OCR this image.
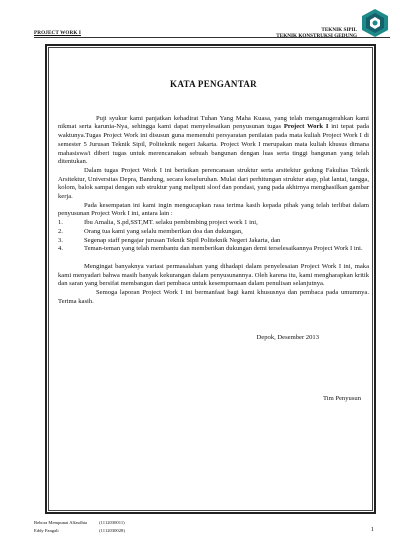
PROJECT WORK I	TEKNIK SIPIL
TEKNIK KONSTRUKSI GEDUNG
KATA PENGANTAR

Puji syukur kami panjatkan kehadirat Tuhan Yang Maha Kuasa, yang telah menganugerahkan kami nikmat serta karunia-Nya, sehingga kami dapat menyelesaikan penyusunan tugas Project Work I ini tepat pada waktunya.Tugas Project Work ini disusun guna memenuhi persyaratan penilaian pada mata kuliah Project Work I di semester 5 Jurusan Teknik Sipil, Politeknik negeri Jakarta. Project Work I merupakan mata kuliah khusus dimana mahasiswa/i diberi tugas untuk merencanakan sebuah bangunan dengan luas serta tinggi bangunan yang telah ditentukan.

Dalam tugas Project Work I ini berisikan perencanaan struktur serta arsitektur gedung Fakultas Teknik Arsitektur, Universitas Depra, Bandung, secara keseluruhan. Mulai dari perhitungan struktur atap, plat lantai, tangga, kolom, balok sampai dengan sub struktur yang meliputi sloof dan pondasi, yang pada akhirnya menghasilkan gambar kerja.

Pada kesempatan ini kami ingin mengucapkan rasa terima kasih kepada pihak yang telah terlibat dalam penyusunan Project Work I ini, antara lain :

1.	Ibu Amalia, S.pd,SST,MT. selaku pembimbing project work 1 ini,
2.	Orang tua kami yang selalu memberikan doa dan dukungan,
3.	Segenap staff pengajar jurusan Teknik Sipil Politeknik Negeri Jakarta, dan
4.	Teman-teman yang telah membantu dan memberikan dukungan demi terselesaikannya Project Work I ini.

Mengingat banyaknya variasi permasalahan yang dihadapi dalam penyelesaian Project Work I ini, maka kami menyadari bahwa masih banyak kekurangan dalam penyusunannya. Oleh karena itu, kami mengharapkan kritik dan saran yang bersifat membangun dari pembaca untuk kesempurnaan dalam penulisan selanjutnya.

Semoga laporan Project Work I ini bermanfaat bagi kami khususnya dan pembaca pada umumnya. Terima kasih.

Depok, Desember 2013
Tim Penyusun
Bebora Mempunai Alfasdhia	(1112030011)
Eddy Fangali	(1112030028)	1
